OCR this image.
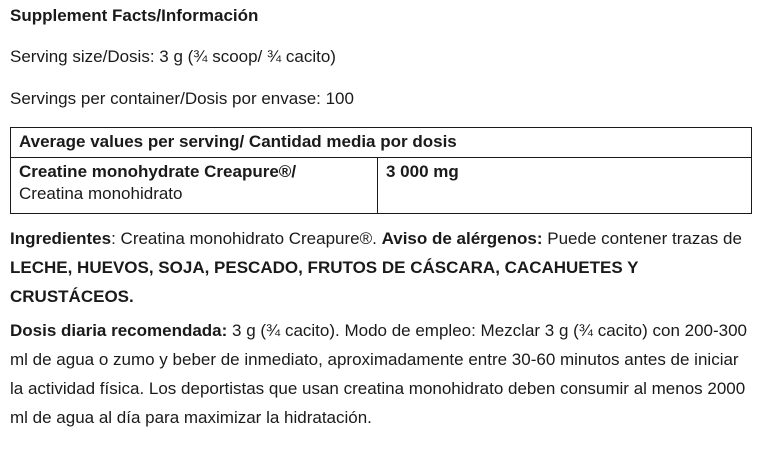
Supplement Facts/Información
Serving size/Dosis: 3 g (¾ scoop/ ¾ cacito)
Servings per container/Dosis por envase: 100
Average values per serving/ Cantidad media por dosis
Creatine monohydrate Creapure®/
Creatina monohidrato	3 000 mg
Ingredientes: Creatina monohidrato Creapure®. Aviso de alérgenos: Puede contener trazas de LECHE, HUEVOS, SOJA, PESCADO, FRUTOS DE CÁSCARA, CACAHUETES Y CRUSTÁCEOS.
Dosis diaria recomendada: 3 g (¾ cacito). Modo de empleo: Mezclar 3 g (¾ cacito) con 200-300 ml de agua o zumo y beber de inmediato, aproximadamente entre 30-60 minutos antes de iniciar la actividad física. Los deportistas que usan creatina monohidrato deben consumir al menos 2000 ml de agua al día para maximizar la hidratación.
